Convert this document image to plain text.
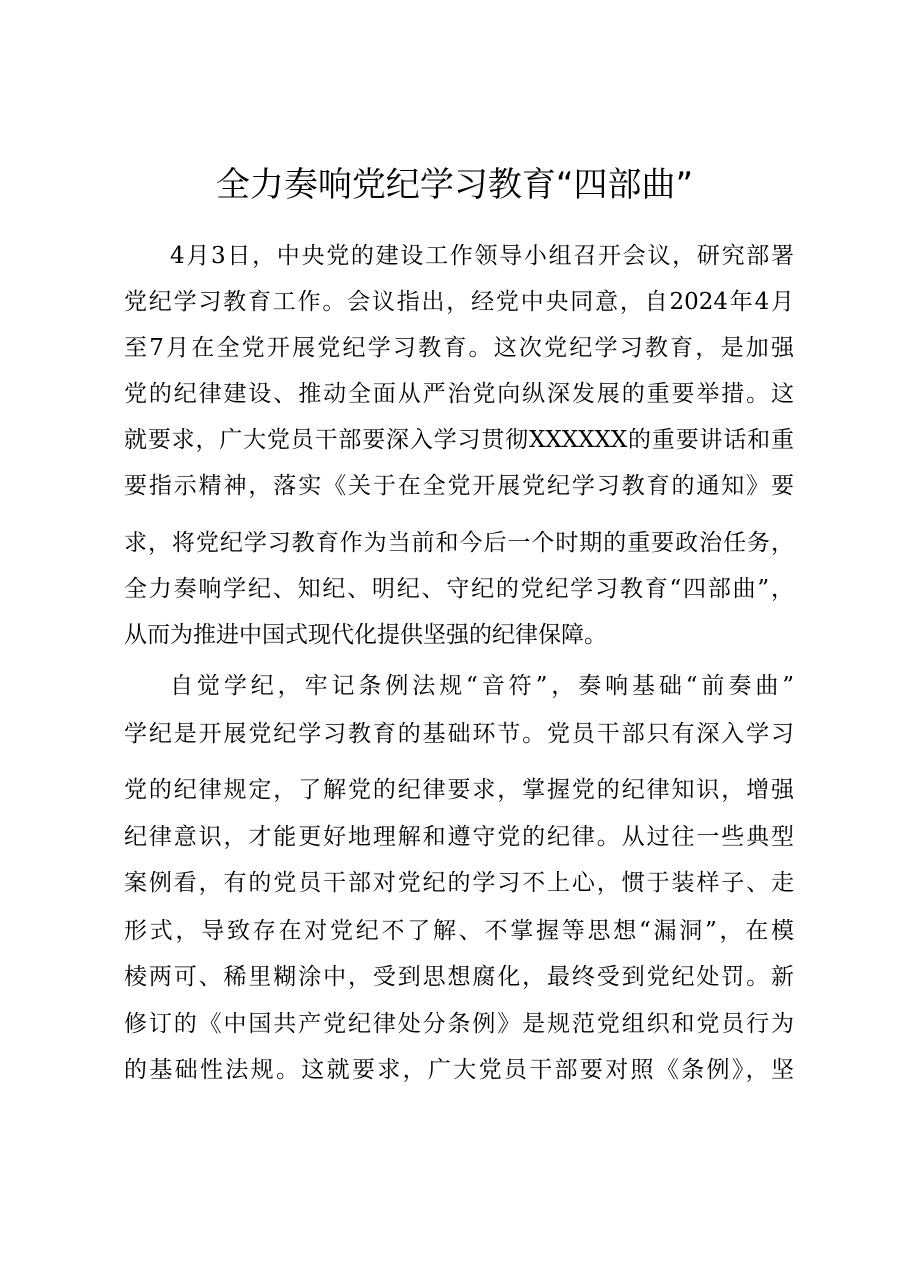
全力奏响党纪学习教育“四部曲”

4月3日，中央党的建设工作领导小组召开会议，研究部署

党纪学习教育工作。会议指出，经党中央同意，自2024年4月

至7月在全党开展党纪学习教育。这次党纪学习教育，是加强

党的纪律建设、推动全面从严治党向纵深发展的重要举措。这

就要求，广大党员干部要深入学习贯彻XXXXXX的重要讲话和重

要指示精神，落实《关于在全党开展党纪学习教育的通知》要

求，将党纪学习教育作为当前和今后一个时期的重要政治任务，

全力奏响学纪、知纪、明纪、守纪的党纪学习教育“四部曲”，

从而为推进中国式现代化提供坚强的纪律保障。

自觉学纪，牢记条例法规“音符”，奏响基础“前奏曲”

学纪是开展党纪学习教育的基础环节。党员干部只有深入学习

党的纪律规定，了解党的纪律要求，掌握党的纪律知识，增强

纪律意识，才能更好地理解和遵守党的纪律。从过往一些典型

案例看，有的党员干部对党纪的学习不上心，惯于装样子、走

形式，导致存在对党纪不了解、不掌握等思想“漏洞”，在模

棱两可、稀里糊涂中，受到思想腐化，最终受到党纪处罚。新

修订的《中国共产党纪律处分条例》是规范党组织和党员行为

的基础性法规。这就要求，广大党员干部要对照《条例》，坚
